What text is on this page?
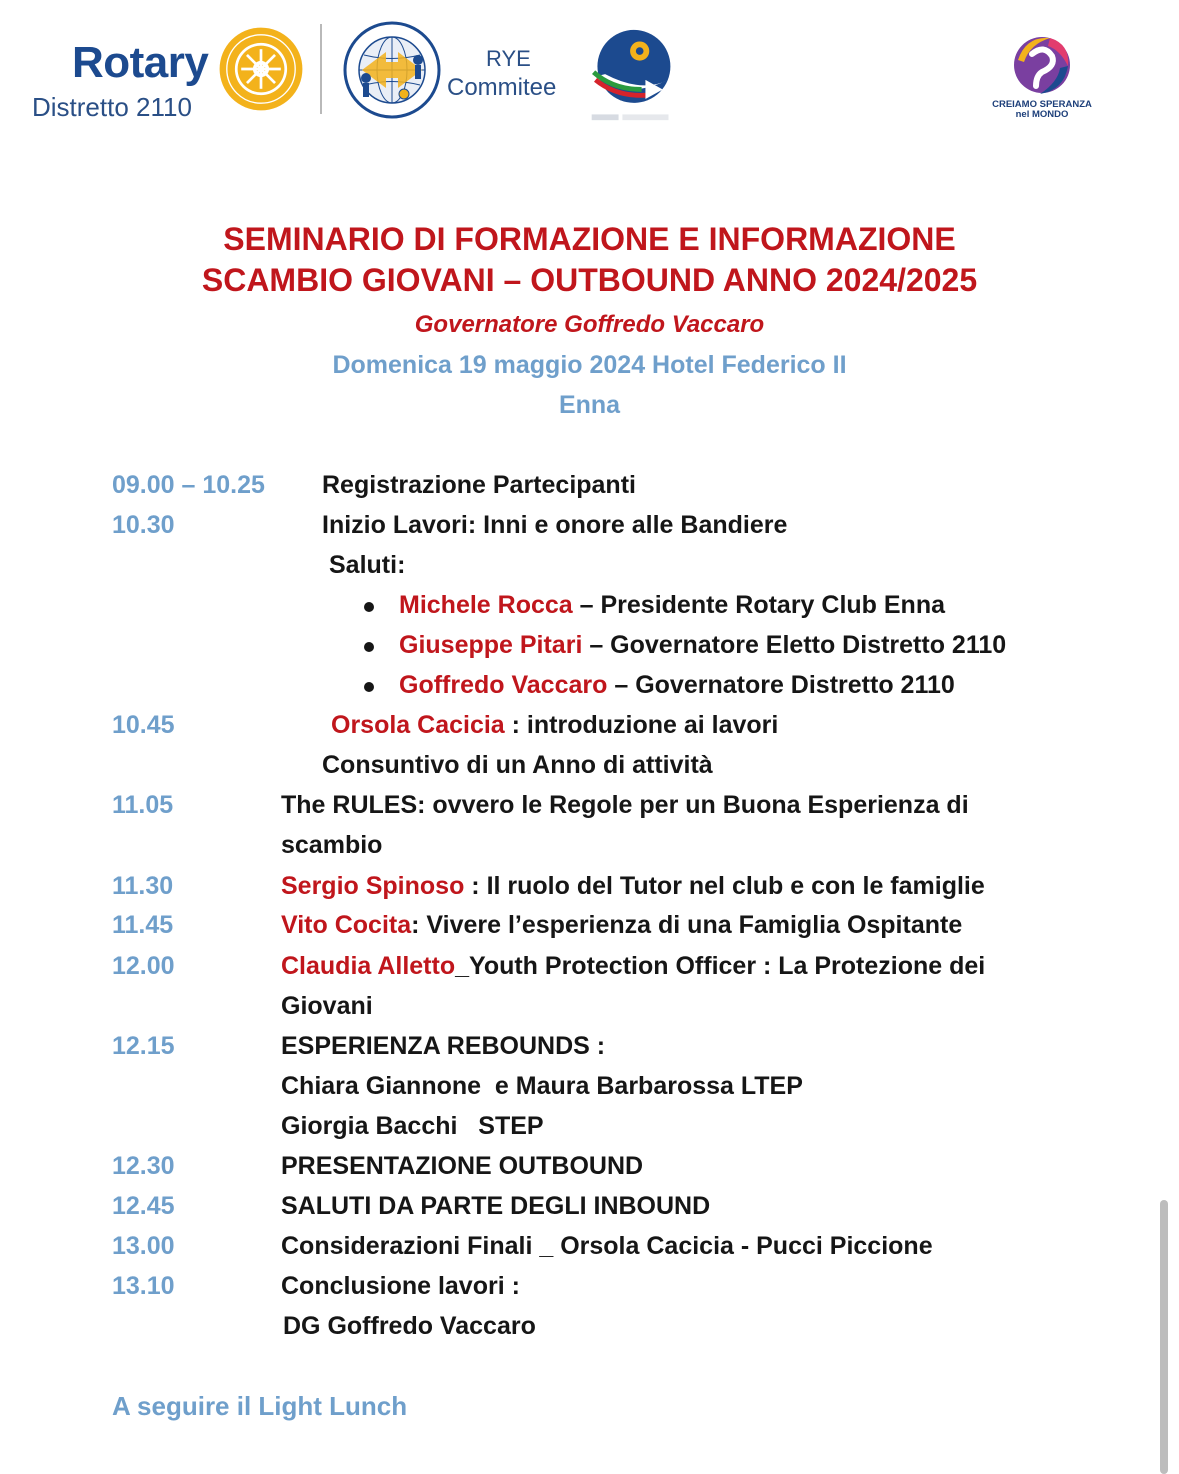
Rotary
Distretto 2110
RYE
Commitee
CREIAMO SPERANZA
nel MONDO
SEMINARIO DI FORMAZIONE E INFORMAZIONE
SCAMBIO GIOVANI – OUTBOUND ANNO 2024/2025
Governatore Goffredo Vaccaro
Domenica 19 maggio 2024 Hotel Federico II
Enna
09.00 – 10.25 Registrazione Partecipanti
10.30	Inizio Lavori: Inni e onore alle Bandiere
Saluti:
Michele Rocca – Presidente Rotary Club Enna
Giuseppe Pitari – Governatore Eletto Distretto 2110
Goffredo Vaccaro – Governatore Distretto 2110
10.45	Orsola Cacicia : introduzione ai lavori
Consuntivo di un Anno di attività
11.05	The RULES: ovvero le Regole per un Buona Esperienza di
scambio
11.30	Sergio Spinoso : Il ruolo del Tutor nel club e con le famiglie
11.45	Vito Cocita: Vivere l’esperienza di una Famiglia Ospitante
12.00	Claudia Alletto_Youth Protection Officer : La Protezione dei
Giovani
12.15	ESPERIENZA REBOUNDS :
Chiara Giannone  e Maura Barbarossa LTEP
Giorgia Bacchi   STEP
12.30	PRESENTAZIONE OUTBOUND
12.45	SALUTI DA PARTE DEGLI INBOUND
13.00	Considerazioni Finali _ Orsola Cacicia - Pucci Piccione
13.10	Conclusione lavori :
DG Goffredo Vaccaro
A seguire il Light Lunch
